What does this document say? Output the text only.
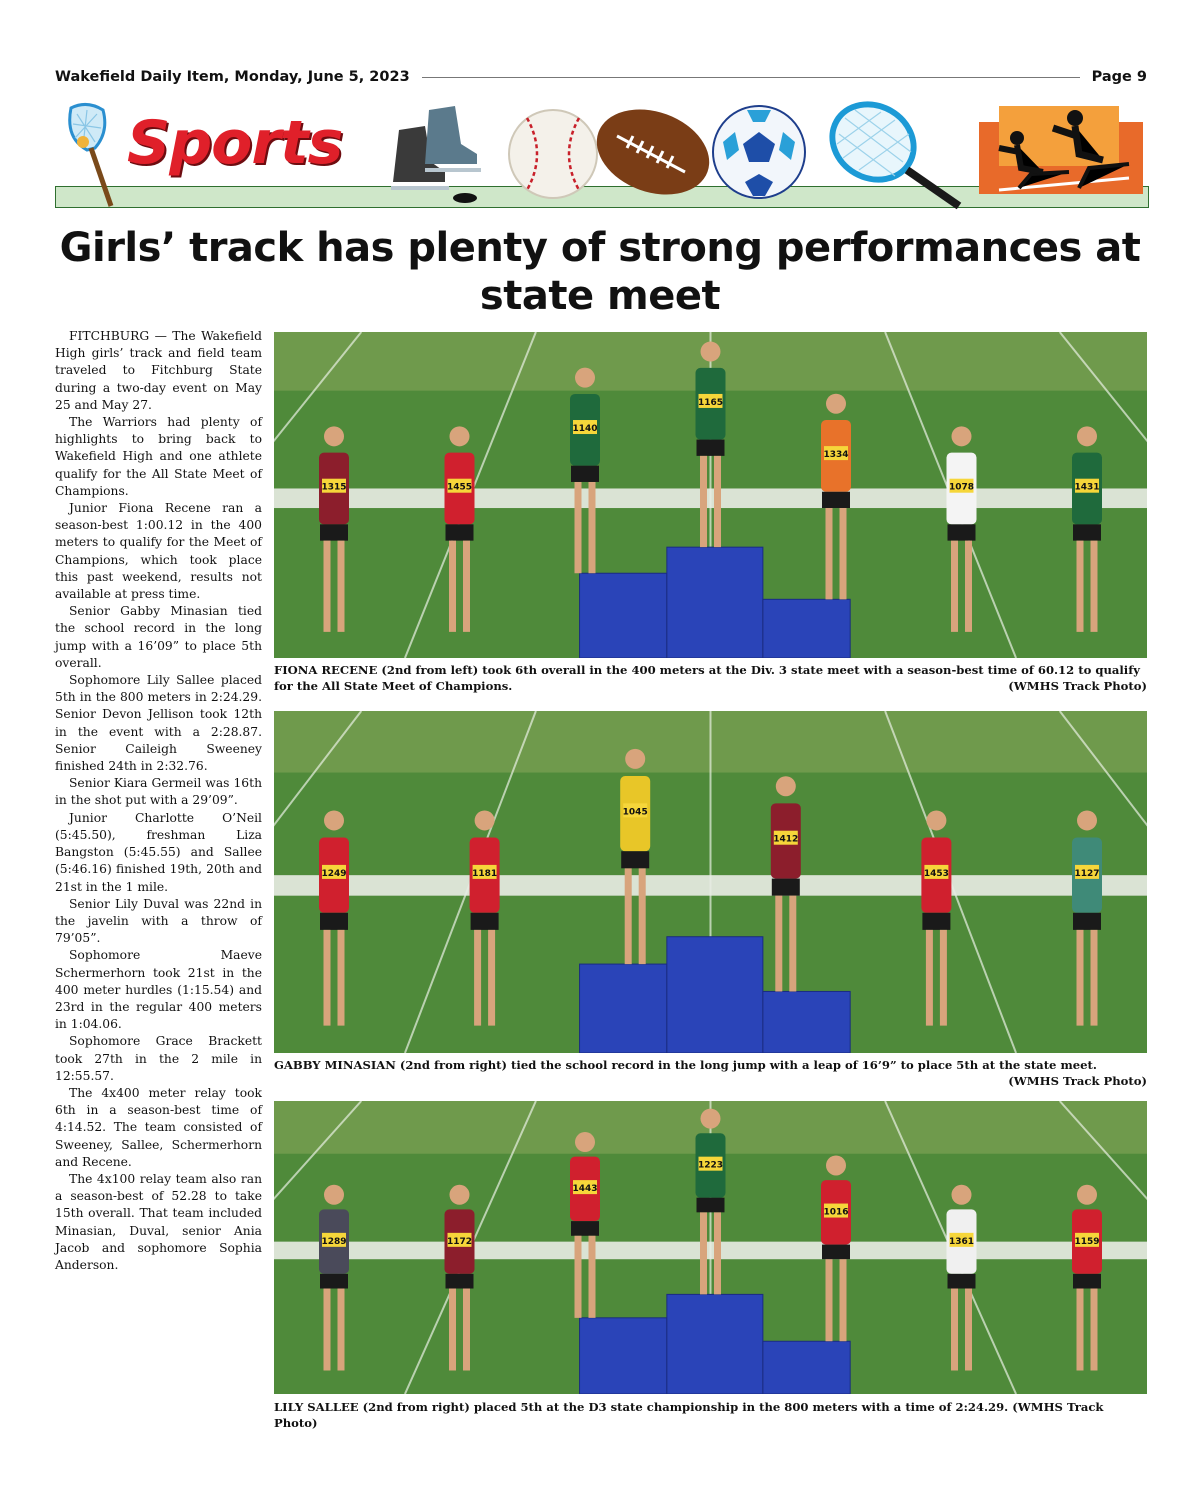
Wakefield Daily Item, Monday, June 5, 2023	Page 9
Sports
Girls’ track has plenty of strong performances at state meet

FITCHBURG — The Wakefield High girls’ track and field team traveled to Fitchburg State during a two-day event on May 25 and May 27.

The Warriors had plenty of highlights to bring back to Wakefield High and one athlete qualify for the All State Meet of Champions.

Junior Fiona Recene ran a season-best 1:00.12 in the 400 meters to qualify for the Meet of Champions, which took place this past weekend, results not available at press time.

Senior Gabby Minasian tied the school record in the long jump with a 16’09” to place 5th overall.

Sophomore Lily Sallee placed 5th in the 800 meters in 2:24.29. Senior Devon Jellison took 12th in the event with a 2:28.87. Senior Caileigh Sweeney finished 24th in 2:32.76.

Senior Kiara Germeil was 16th in the shot put with a 29’09”.

Junior Charlotte O’Neil (5:45.50), freshman Liza Bangston (5:45.55) and Sallee (5:46.16) finished 19th, 20th and 21st in the 1 mile.

Senior Lily Duval was 22nd in the javelin with a throw of 79’05”.

Sophomore Maeve Schermerhorn took 21st in the 400 meter hurdles (1:15.54) and 23rd in the regular 400 meters in 1:04.06.

Sophomore Grace Brackett took 27th in the 2 mile in 12:55.57.

The 4x400 meter relay took 6th in a season-best time of 4:14.52. The team consisted of Sweeney, Sallee, Schermerhorn and Recene.

The 4x100 relay team also ran a season-best of 52.28 to take 15th overall. That team included Minasian, Duval, senior Ania Jacob and sophomore Sophia Anderson.

1315	1455
1140
1165
1334
1078	1431
FIONA RECENE (2nd from left) took 6th overall in the 400 meters at the Div. 3 state meet with a season-best time of 60.12 to qualify for the All State Meet of Champions.	(WMHS Track Photo)
1249	1181
1045
1412
1453	1127
GABBY MINASIAN (2nd from right) tied the school record in the long jump with a leap of 16’9” to place 5th at the state meet.

(WMHS Track Photo)
1289	1172
1443
1223
1016
1361	1159
LILY SALLEE (2nd from right) placed 5th at the D3 state championship in the 800 meters with a time of 2:24.29. (WMHS Track Photo)
